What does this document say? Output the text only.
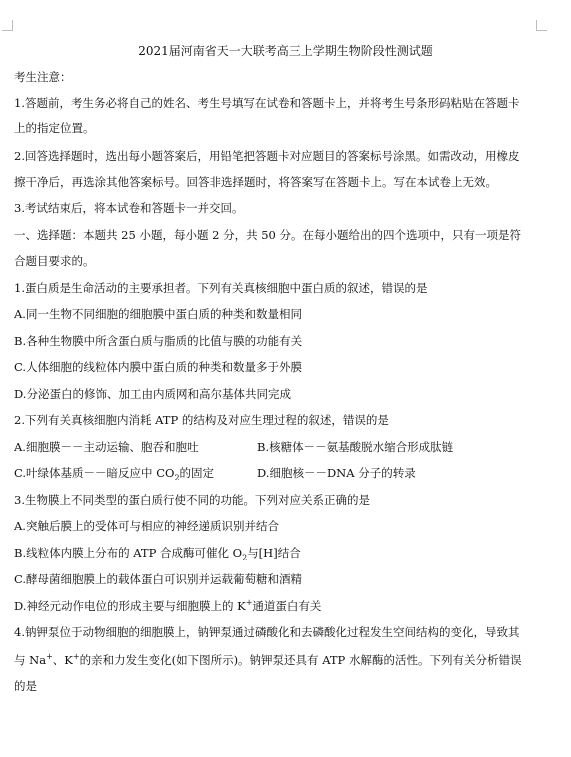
2021届河南省天一大联考高三上学期生物阶段性测试题
考生注意：
1.答题前，考生务必将自己的姓名、考生号填写在试卷和答题卡上，并将考生号条形码粘贴在答题卡
上的指定位置。
2.回答选择题时，选出每小题答案后，用铅笔把答题卡对应题目的答案标号涂黑。如需改动，用橡皮
擦干净后，再选涂其他答案标号。回答非选择题时，将答案写在答题卡上。写在本试卷上无效。
3.考试结束后，将本试卷和答题卡一并交回。
一、选择题：本题共 25 小题，每小题 2 分，共 50 分。在每小题给出的四个选项中，只有一项是符
合题目要求的。
1.蛋白质是生命活动的主要承担者。下列有关真核细胞中蛋白质的叙述，错误的是
A.同一生物不同细胞的细胞膜中蛋白质的种类和数量相同
B.各种生物膜中所含蛋白质与脂质的比值与膜的功能有关
C.人体细胞的线粒体内膜中蛋白质的种类和数量多于外膜
D.分泌蛋白的修饰、加工由内质网和高尔基体共同完成
2.下列有关真核细胞内消耗 ATP 的结构及对应生理过程的叙述，错误的是
A.细胞膜－－主动运输、胞吞和胞吐	B.核糖体－－氨基酸脱水缩合形成肽链
C.叶绿体基质－－暗反应中 $CO_2$的固定	D.细胞核－－DNA 分子的转录
3.生物膜上不同类型的蛋白质行使不同的功能。下列对应关系正确的是
A.突触后膜上的受体可与相应的神经递质识别并结合
B.线粒体内膜上分布的 ATP 合成酶可催化 $O_2$与[H]结合
C.酵母菌细胞膜上的载体蛋白可识别并运载葡萄糖和酒精
D.神经元动作电位的形成主要与细胞膜上的 K+通道蛋白有关
4.钠钾泵位于动物细胞的细胞膜上，钠钾泵通过磷酸化和去磷酸化过程发生空间结构的变化，导致其
与 Na+、K+的亲和力发生变化(如下图所示)。钠钾泵还具有 ATP 水解酶的活性。下列有关分析错误
的是
